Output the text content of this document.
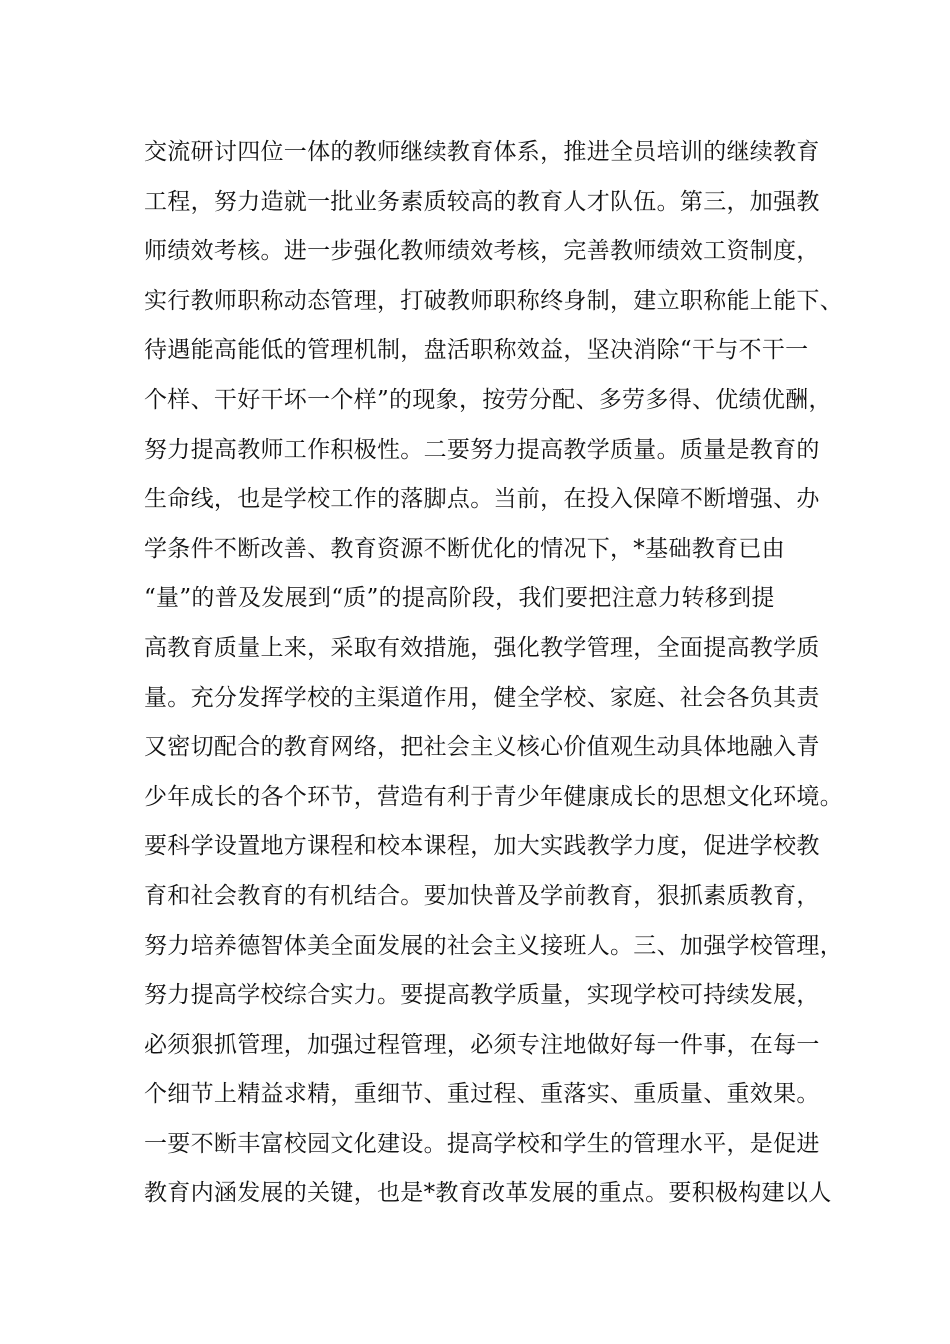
交流研讨四位一体的教师继续教育体系，推进全员培训的继续教育
工程，努力造就一批业务素质较高的教育人才队伍。第三，加强教
师绩效考核。进一步强化教师绩效考核，完善教师绩效工资制度，
实行教师职称动态管理，打破教师职称终身制，建立职称能上能下、
待遇能高能低的管理机制，盘活职称效益，坚决消除“干与不干一
个样、干好干坏一个样”的现象，按劳分配、多劳多得、优绩优酬，
努力提高教师工作积极性。二要努力提高教学质量。质量是教育的
生命线，也是学校工作的落脚点。当前，在投入保障不断增强、办
学条件不断改善、教育资源不断优化的情况下，*基础教育已由
“量”的普及发展到“质”的提高阶段，我们要把注意力转移到提
高教育质量上来，采取有效措施，强化教学管理，全面提高教学质
量。充分发挥学校的主渠道作用，健全学校、家庭、社会各负其责
又密切配合的教育网络，把社会主义核心价值观生动具体地融入青
少年成长的各个环节，营造有利于青少年健康成长的思想文化环境。
要科学设置地方课程和校本课程，加大实践教学力度，促进学校教
育和社会教育的有机结合。要加快普及学前教育，狠抓素质教育，
努力培养德智体美全面发展的社会主义接班人。三、加强学校管理，
努力提高学校综合实力。要提高教学质量，实现学校可持续发展，
必须狠抓管理，加强过程管理，必须专注地做好每一件事，在每一
个细节上精益求精，重细节、重过程、重落实、重质量、重效果。
一要不断丰富校园文化建设。提高学校和学生的管理水平，是促进
教育内涵发展的关键，也是*教育改革发展的重点。要积极构建以人
